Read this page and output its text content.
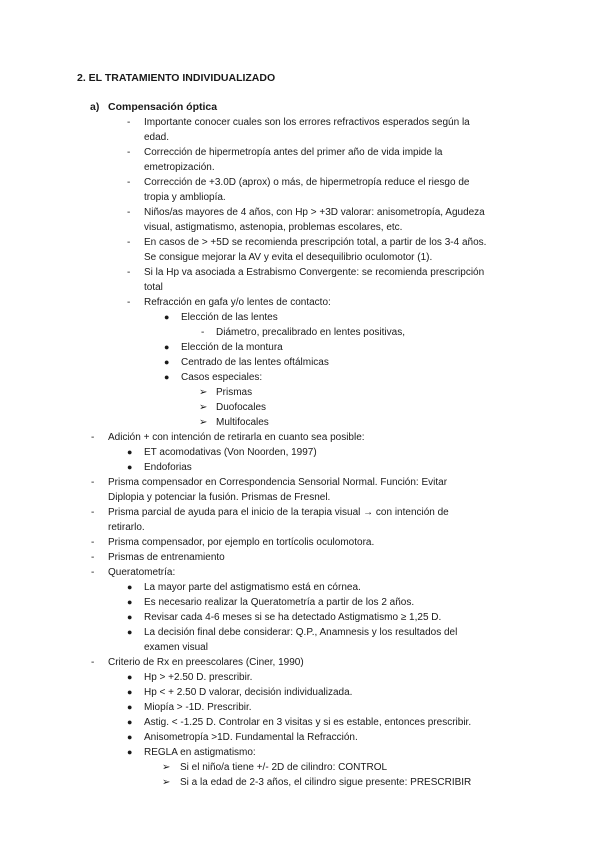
2. EL TRATAMIENTO INDIVIDUALIZADO
a) Compensación óptica
- Importante conocer cuales son los errores refractivos esperados según la
edad.
- Corrección de hipermetropía antes del primer año de vida impide la
emetropización.
- Corrección de +3.0D (aprox) o más, de hipermetropía reduce el riesgo de
tropia y ambliopía.
- Niños/as mayores de 4 años, con Hp > +3D valorar: anisometropía, Agudeza
visual, astigmatismo, astenopia, problemas escolares, etc.
- En casos de > +5D se recomienda prescripción total, a partir de los 3-4 años.
Se consigue mejorar la AV y evita el desequilibrio oculomotor (1).
- Si la Hp va asociada a Estrabismo Convergente: se recomienda prescripción
total
- Refracción en gafa y/o lentes de contacto:
● Elección de las lentes
- Diámetro, precalibrado en lentes positivas,
● Elección de la montura
● Centrado de las lentes oftálmicas
● Casos especiales:
➢ Prismas
➢ Duofocales
➢ Multifocales
- Adición + con intención de retirarla en cuanto sea posible:
● ET acomodativas (Von Noorden, 1997)
● Endoforias
- Prisma compensador en Correspondencia Sensorial Normal. Función: Evitar
Diplopia y potenciar la fusión. Prismas de Fresnel.
- Prisma parcial de ayuda para el inicio de la terapia visual → con intención de
retirarlo.
- Prisma compensador, por ejemplo en tortícolis oculomotora.
- Prismas de entrenamiento
- Queratometría:
● La mayor parte del astigmatismo está en córnea.
● Es necesario realizar la Queratometría a partir de los 2 años.
● Revisar cada 4-6 meses si se ha detectado Astigmatismo ≥ 1,25 D.
● La decisión final debe considerar: Q.P., Anamnesis y los resultados del
examen visual
- Criterio de Rx en preescolares (Ciner, 1990)
● Hp > +2.50 D. prescribir.
● Hp < + 2.50 D valorar, decisión individualizada.
● Miopía > -1D. Prescribir.
● Astig. < -1.25 D. Controlar en 3 visitas y si es estable, entonces prescribir.
● Anisometropía >1D. Fundamental la Refracción.
● REGLA en astigmatismo:
➢ Si el niño/a tiene +/- 2D de cilindro: CONTROL
➢ Si a la edad de 2-3 años, el cilindro sigue presente: PRESCRIBIR
